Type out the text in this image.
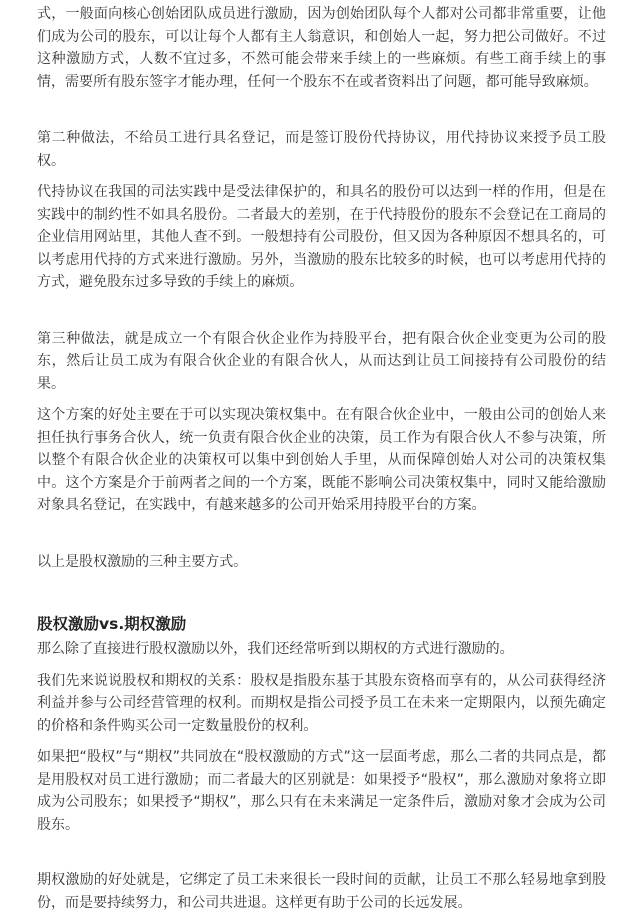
式，一般面向核心创始团队成员进行激励，因为创始团队每个人都对公司都非常重要，让他们成为公司的股东，可以让每个人都有主人翁意识，和创始人一起，努力把公司做好。不过这种激励方式，人数不宜过多，不然可能会带来手续上的一些麻烦。有些工商手续上的事情，需要所有股东签字才能办理，任何一个股东不在或者资料出了问题，都可能导致麻烦。

第二种做法，不给员工进行具名登记，而是签订股份代持协议，用代持协议来授予员工股权。

代持协议在我国的司法实践中是受法律保护的，和具名的股份可以达到一样的作用，但是在实践中的制约性不如具名股份。二者最大的差别，在于代持股份的股东不会登记在工商局的企业信用网站里，其他人查不到。一般想持有公司股份，但又因为各种原因不想具名的，可以考虑用代持的方式来进行激励。另外，当激励的股东比较多的时候，也可以考虑用代持的方式，避免股东过多导致的手续上的麻烦。

第三种做法，就是成立一个有限合伙企业作为持股平台，把有限合伙企业变更为公司的股东，然后让员工成为有限合伙企业的有限合伙人，从而达到让员工间接持有公司股份的结果。

这个方案的好处主要在于可以实现决策权集中。在有限合伙企业中，一般由公司的创始人来担任执行事务合伙人，统一负责有限合伙企业的决策，员工作为有限合伙人不参与决策，所以整个有限合伙企业的决策权可以集中到创始人手里，从而保障创始人对公司的决策权集中。这个方案是介于前两者之间的一个方案，既能不影响公司决策权集中，同时又能给激励对象具名登记，在实践中，有越来越多的公司开始采用持股平台的方案。

以上是股权激励的三种主要方式。

股权激励vs.期权激励

那么除了直接进行股权激励以外，我们还经常听到以期权的方式进行激励的。

我们先来说说股权和期权的关系：股权是指股东基于其股东资格而享有的，从公司获得经济利益并参与公司经营管理的权利。而期权是指公司授予员工在未来一定期限内，以预先确定的价格和条件购买公司一定数量股份的权利。

如果把“股权”与“期权”共同放在“股权激励的方式”这一层面考虑，那么二者的共同点是，都是用股权对员工进行激励；而二者最大的区别就是：如果授予“股权”，那么激励对象将立即成为公司股东；如果授予“期权”，那么只有在未来满足一定条件后，激励对象才会成为公司股东。

期权激励的好处就是，它绑定了员工未来很长一段时间的贡献，让员工不那么轻易地拿到股份，而是要持续努力，和公司共进退。这样更有助于公司的长远发展。
